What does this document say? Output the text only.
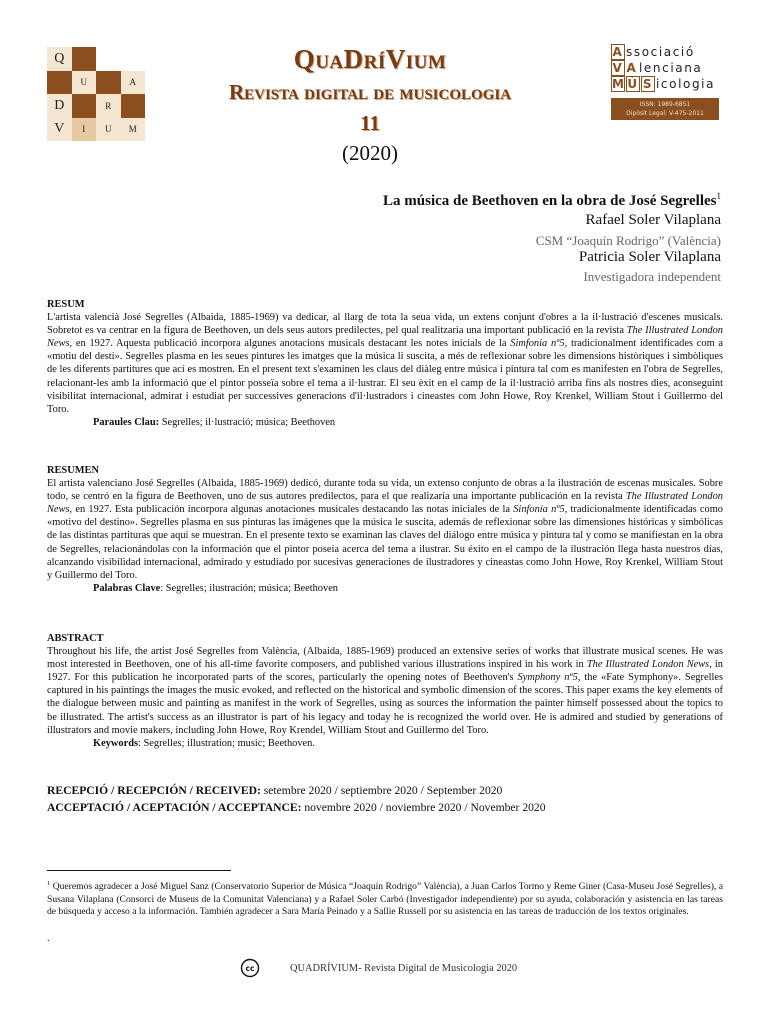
Q
U	A
D	R
V	I	U	M
QuaDríVium
Revista digital de musicologia
11
(2020)
A ssociació
V A lenciana
M Ú S icologia
ISSN: 1989-6851
Dipòsit Legal: V-475-2011
La música de Beethoven en la obra de José Segrelles$^1$
Rafael Soler Vilaplana
CSM “Joaquín Rodrigo” (València)
Patricia Soler Vilaplana
Investigadora independent
RESUM
L'artista valencià José Segrelles (Albaida, 1885-1969) va dedicar, al llarg de tota la seua vida, un extens conjunt d'obres a la il·lustració d'escenes musicals. Sobretot es va centrar en la figura de Beethoven, un dels seus autors predilectes, pel qual realitzaria una important publicació en la revista The Illustrated London News, en 1927. Aquesta publicació incorpora algunes anotacions musicals destacant les notes inicials de la Simfonia nº5, tradicionalment identificades com a «motiu del destí». Segrelles plasma en les seues pintures les imatges que la música li suscita, a més de reflexionar sobre les dimensions històriques i simbòliques de les diferents partitures que ací es mostren. En el present text s'examinen les claus del diàleg entre música i pintura tal com es manifesten en l'obra de Segrelles, relacionant-les amb la informació que el pintor posseïa sobre el tema a il·lustrar. El seu èxit en el camp de la il·lustració arriba fins als nostres dies, aconseguint visibilitat internacional, admirat i estudiat per successives generacions d'il·lustradors i cineastes com John Howe, Roy Krenkel, William Stout i Guillermo del Toro.
Paraules Clau: Segrelles; il·lustració; música; Beethoven
RESUMEN
El artista valenciano José Segrelles (Albaida, 1885-1969) dedicó, durante toda su vida, un extenso conjunto de obras a la ilustración de escenas musicales. Sobre todo, se centró en la figura de Beethoven, uno de sus autores predilectos, para el que realizaría una importante publicación en la revista The Illustrated London News, en 1927. Esta publicación incorpora algunas anotaciones musicales destacando las notas iniciales de la Sinfonía nº5, tradicionalmente identificadas como «motivo del destino». Segrelles plasma en sus pinturas las imágenes que la música le suscita, además de reflexionar sobre las dimensiones históricas y simbólicas de las distintas partituras que aquí se muestran. En el presente texto se examinan las claves del diálogo entre música y pintura tal y como se manifiestan en la obra de Segrelles, relacionándolas con la información que el pintor poseía acerca del tema a ilustrar. Su éxito en el campo de la ilustración llega hasta nuestros días, alcanzando visibilidad internacional, admirado y estudiado por sucesivas generaciones de ilustradores y cineastas como John Howe, Roy Krenkel, William Stout y Guillermo del Toro.
Palabras Clave: Segrelles; ilustración; música; Beethoven
ABSTRACT
Throughout his life, the artist José Segrelles from València, (Albaida, 1885-1969) produced an extensive series of works that illustrate musical scenes. He was most interested in Beethoven, one of his all-time favorite composers, and published various illustrations inspired in his work in The Illustrated London News, in 1927. For this publication he incorporated parts of the scores, particularly the opening notes of Beethoven's Symphony nº5, the «Fate Symphony». Segrelles captured in his paintings the images the music evoked, and reflected on the historical and symbolic dimension of the scores. This paper exams the key elements of the dialogue between music and painting as manifest in the work of Segrelles, using as sources the information the painter himself possessed about the topics to be illustrated. The artist's success as an illustrator is part of his legacy and today he is recognized the world over. He is admired and studied by generations of illustrators and movie makers, including John Howe, Roy Krendel, William Stout and Guillermo del Toro.
Keywords: Segrelles; illustration; music; Beethoven.
RECEPCIÓ / RECEPCIÓN / RECEIVED: setembre 2020 / septiembre 2020 / September 2020
ACCEPTACIÓ / ACEPTACIÓN / ACCEPTANCE: novembre 2020 / noviembre 2020 / November 2020
$^1$ Queremos agradecer a José Miguel Sanz (Conservatorio Superior de Música “Joaquín Rodrigo” València), a Juan Carlos Tormo y Reme Giner (Casa-Museu José Segrelles), a Susana Vilaplana (Consorci de Museus de la Comunitat Valenciana) y a Rafael Soler Carbó (Investigador independiente) por su ayuda, colaboración y asistencia en las tareas de búsqueda y acceso a la información. También agradecer a Sara María Peinado y a Sallie Russell por su asistencia en las tareas de traducción de los textos originales.
.
cc	QUADRÍVIUM- Revista Digital de Musicologia 2020
